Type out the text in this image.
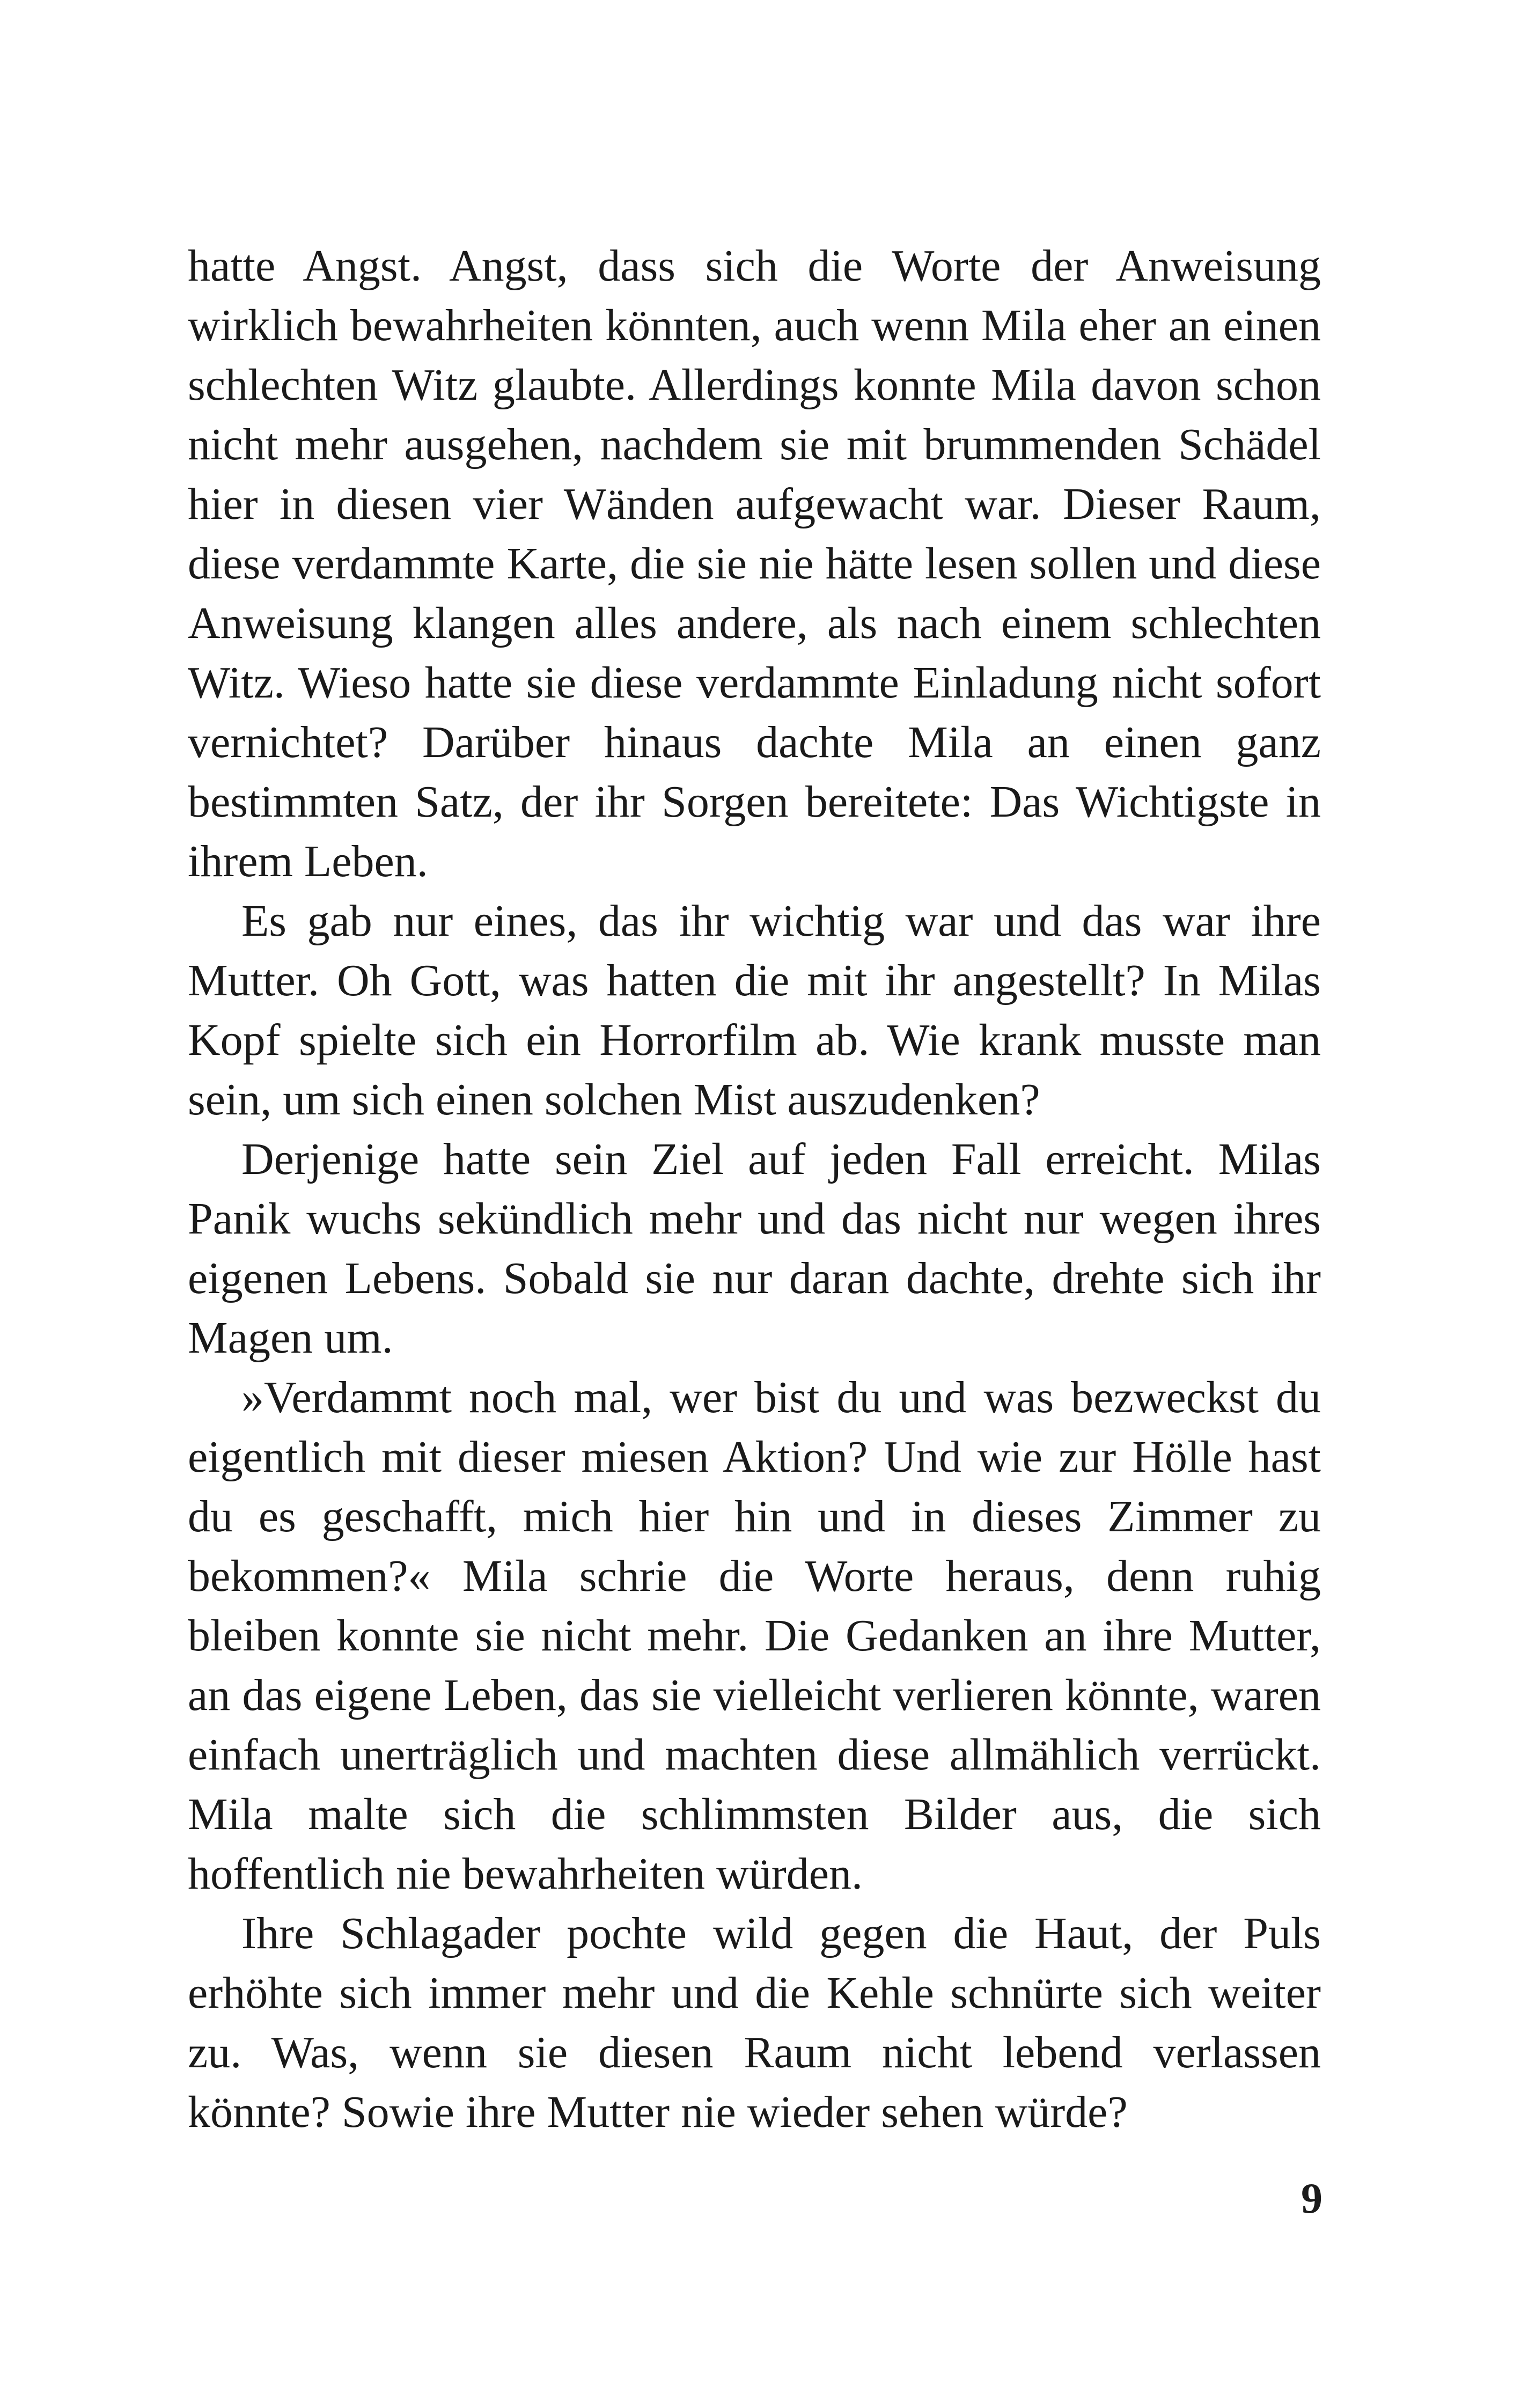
hatte Angst. Angst, dass sich die Worte der Anweisung wirklich bewahrheiten könnten, auch wenn Mila eher an einen schlechten Witz glaubte. Allerdings konnte Mila davon schon nicht mehr ausgehen, nachdem sie mit brummenden Schädel hier in diesen vier Wänden aufgewacht war. Dieser Raum, diese verdammte Karte, die sie nie hätte lesen sollen und diese Anweisung klangen alles andere, als nach einem schlechten Witz. Wieso hatte sie diese verdammte Einladung nicht sofort vernichtet? Darüber hinaus dachte Mila an einen ganz bestimmten Satz, der ihr Sorgen bereitete: Das Wichtigste in ihrem Leben.

Es gab nur eines, das ihr wichtig war und das war ihre Mutter. Oh Gott, was hatten die mit ihr angestellt? In Milas Kopf spielte sich ein Horrorfilm ab. Wie krank musste man sein, um sich einen solchen Mist auszudenken?

Derjenige hatte sein Ziel auf jeden Fall erreicht. Milas Panik wuchs sekündlich mehr und das nicht nur wegen ihres eigenen Lebens. Sobald sie nur daran dachte, drehte sich ihr Magen um.

»Verdammt noch mal, wer bist du und was bezweckst du eigentlich mit dieser miesen Aktion? Und wie zur Hölle hast du es geschafft, mich hier hin und in dieses Zimmer zu bekommen?« Mila schrie die Worte heraus, denn ruhig bleiben konnte sie nicht mehr. Die Gedanken an ihre Mutter, an das eigene Leben, das sie vielleicht verlieren könnte, waren einfach unerträglich und machten diese allmählich verrückt. Mila malte sich die schlimmsten Bilder aus, die sich hoffentlich nie bewahrheiten würden.

Ihre Schlagader pochte wild gegen die Haut, der Puls erhöhte sich immer mehr und die Kehle schnürte sich weiter zu. Was, wenn sie diesen Raum nicht lebend verlassen könnte? Sowie ihre Mutter nie wieder sehen würde?

9
